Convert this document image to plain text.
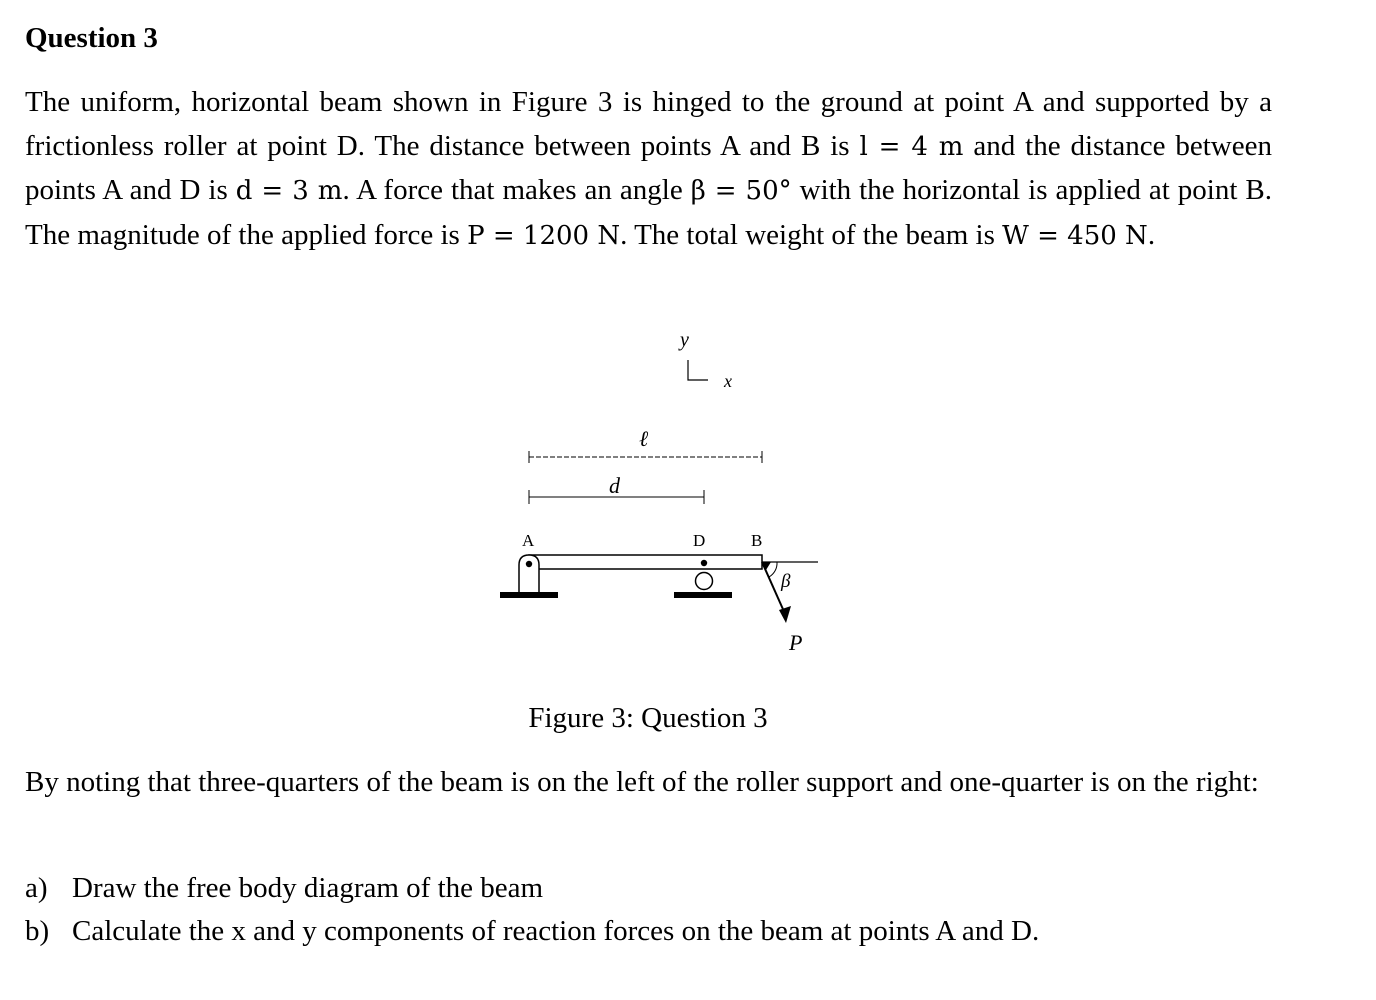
Question 3

The uniform, horizontal beam shown in Figure 3 is hinged to the ground at point A and supported by a frictionless roller at point D. The distance between points A and B is l = 4 m and the distance between points A and D is d = 3 m. A force that makes an angle β = 50° with the horizontal is applied at point B. The magnitude of the applied force is P = 1200 N. The total weight of the beam is W = 450 N.

y
x
ℓ
d
A	D	B
β
P

Figure 3: Question 3

By noting that three-quarters of the beam is on the left of the roller support and one-quarter is on the right:

a) Draw the free body diagram of the beam
b) Calculate the x and y components of reaction forces on the beam at points A and D.
